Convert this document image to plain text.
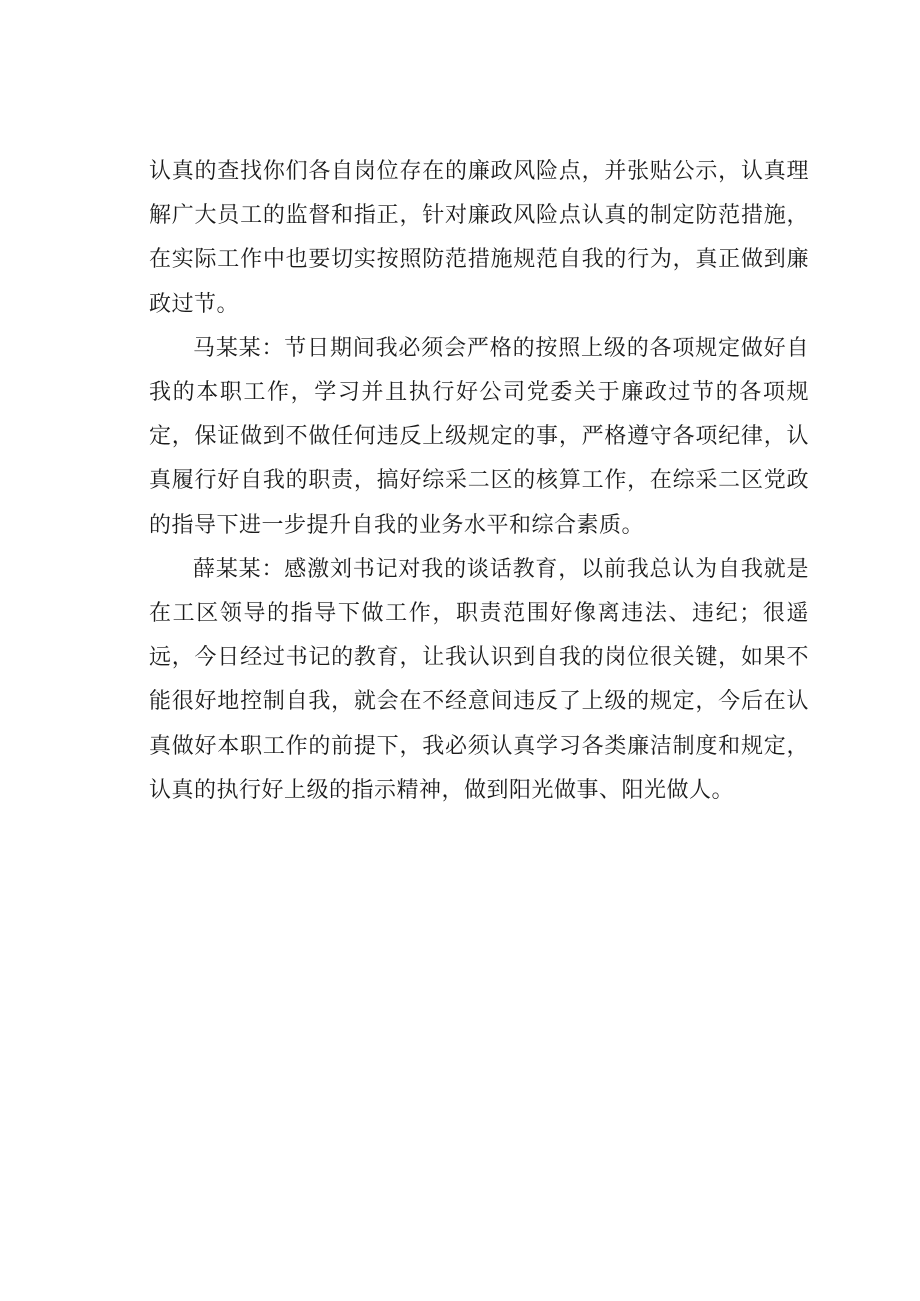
认真的查找你们各自岗位存在的廉政风险点，并张贴公示，认真理解广大员工的监督和指正，针对廉政风险点认真的制定防范措施，在实际工作中也要切实按照防范措施规范自我的行为，真正做到廉政过节。

马某某：节日期间我必须会严格的按照上级的各项规定做好自我的本职工作，学习并且执行好公司党委关于廉政过节的各项规定，保证做到不做任何违反上级规定的事，严格遵守各项纪律，认真履行好自我的职责，搞好综采二区的核算工作，在综采二区党政的指导下进一步提升自我的业务水平和综合素质。

薛某某：感激刘书记对我的谈话教育，以前我总认为自我就是在工区领导的指导下做工作，职责范围好像离违法、违纪；很遥远，今日经过书记的教育，让我认识到自我的岗位很关键，如果不能很好地控制自我，就会在不经意间违反了上级的规定，今后在认真做好本职工作的前提下，我必须认真学习各类廉洁制度和规定，认真的执行好上级的指示精神，做到阳光做事、阳光做人。
